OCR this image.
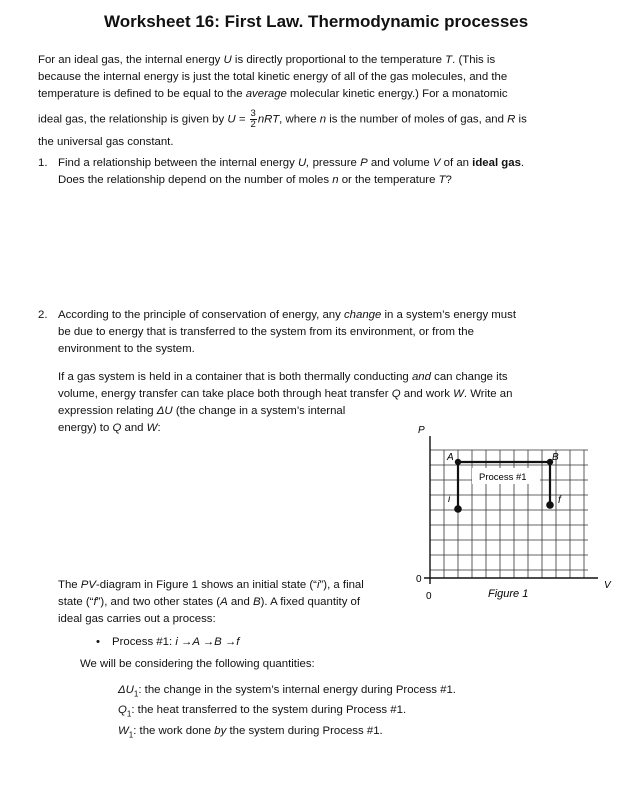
Worksheet 16: First Law. Thermodynamic processes
For an ideal gas, the internal energy U is directly proportional to the temperature T. (This is
because the internal energy is just the total kinetic energy of all of the gas molecules, and the
temperature is defined to be equal to the average molecular kinetic energy.) For a monatomic
ideal gas, the relationship is given by $U = \frac{3}{2}$ nRT, where n is the number of moles of gas, and R is
the universal gas constant.
1. Find a relationship between the internal energy U, pressure P and volume V of an ideal gas.
Does the relationship depend on the number of moles n or the temperature T?
2. According to the principle of conservation of energy, any change in a system’s energy must
be due to energy that is transferred to the system from its environment, or from the
environment to the system.
If a gas system is held in a container that is both thermally conducting and can change its
volume, energy transfer can take place both through heat transfer Q and work W. Write an
expression relating ΔU (the change in a system’s internal
energy) to Q and W:
The PV-diagram in Figure 1 shows an initial state (“i”), a final
state (“f”), and two other states (A and B). A fixed quantity of
ideal gas carries out a process:
• Process #1: i →A →B →f
We will be considering the following quantities:
$\Delta U_1$: the change in the system’s internal energy during Process #1.
$Q_1$: the heat transferred to the system during Process #1.
$W_1$: the work done by the system during Process #1.
P
V
0
0	Figure 1
Process #1
A	B
i	f
